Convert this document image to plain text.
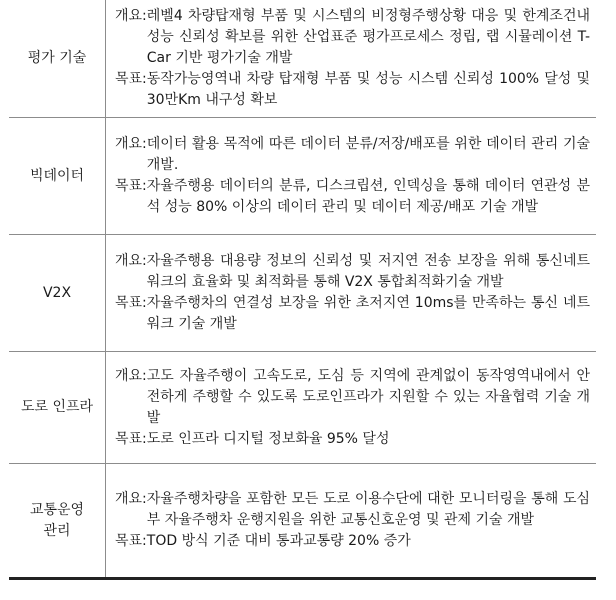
평가 기술
개요: 레벨4 차량탑재형 부품 및 시스템의 비정형주행상황 대응 및 한계조건내 성능 신뢰성 확보를 위한 산업표준 평가프로세스 정립, 랩 시뮬레이션 T-Car 기반 평가기술 개발
목표: 동작가능영역내 차량 탑재형 부품 및 성능 시스템 신뢰성 100% 달성 및 30만Km 내구성 확보
빅데이터
개요: 데이터 활용 목적에 따른 데이터 분류/저장/배포를 위한 데이터 관리 기술 개발.
목표: 자율주행용 데이터의 분류, 디스크립션, 인덱싱을 통해 데이터 연관성 분석 성능 80% 이상의 데이터 관리 및 데이터 제공/배포 기술 개발
V2X
개요: 자율주행용 대용량 정보의 신뢰성 및 저지연 전송 보장을 위해 통신네트워크의 효율화 및 최적화를 통해 V2X 통합최적화기술 개발
목표: 자율주행차의 연결성 보장을 위한 초저지연 10ms를 만족하는 통신 네트워크 기술 개발
도로 인프라
개요: 고도 자율주행이 고속도로, 도심 등 지역에 관계없이 동작영역내에서 안전하게 주행할 수 있도록 도로인프라가 지원할 수 있는 자율협력 기술 개발
목표: 도로 인프라 디지털 정보화율 95% 달성
교통운영
관리
개요: 자율주행차량을 포함한 모든 도로 이용수단에 대한 모니터링을 통해 도심부 자율주행차 운행지원을 위한 교통신호운영 및 관제 기술 개발
목표: TOD 방식 기준 대비 통과교통량 20% 증가
